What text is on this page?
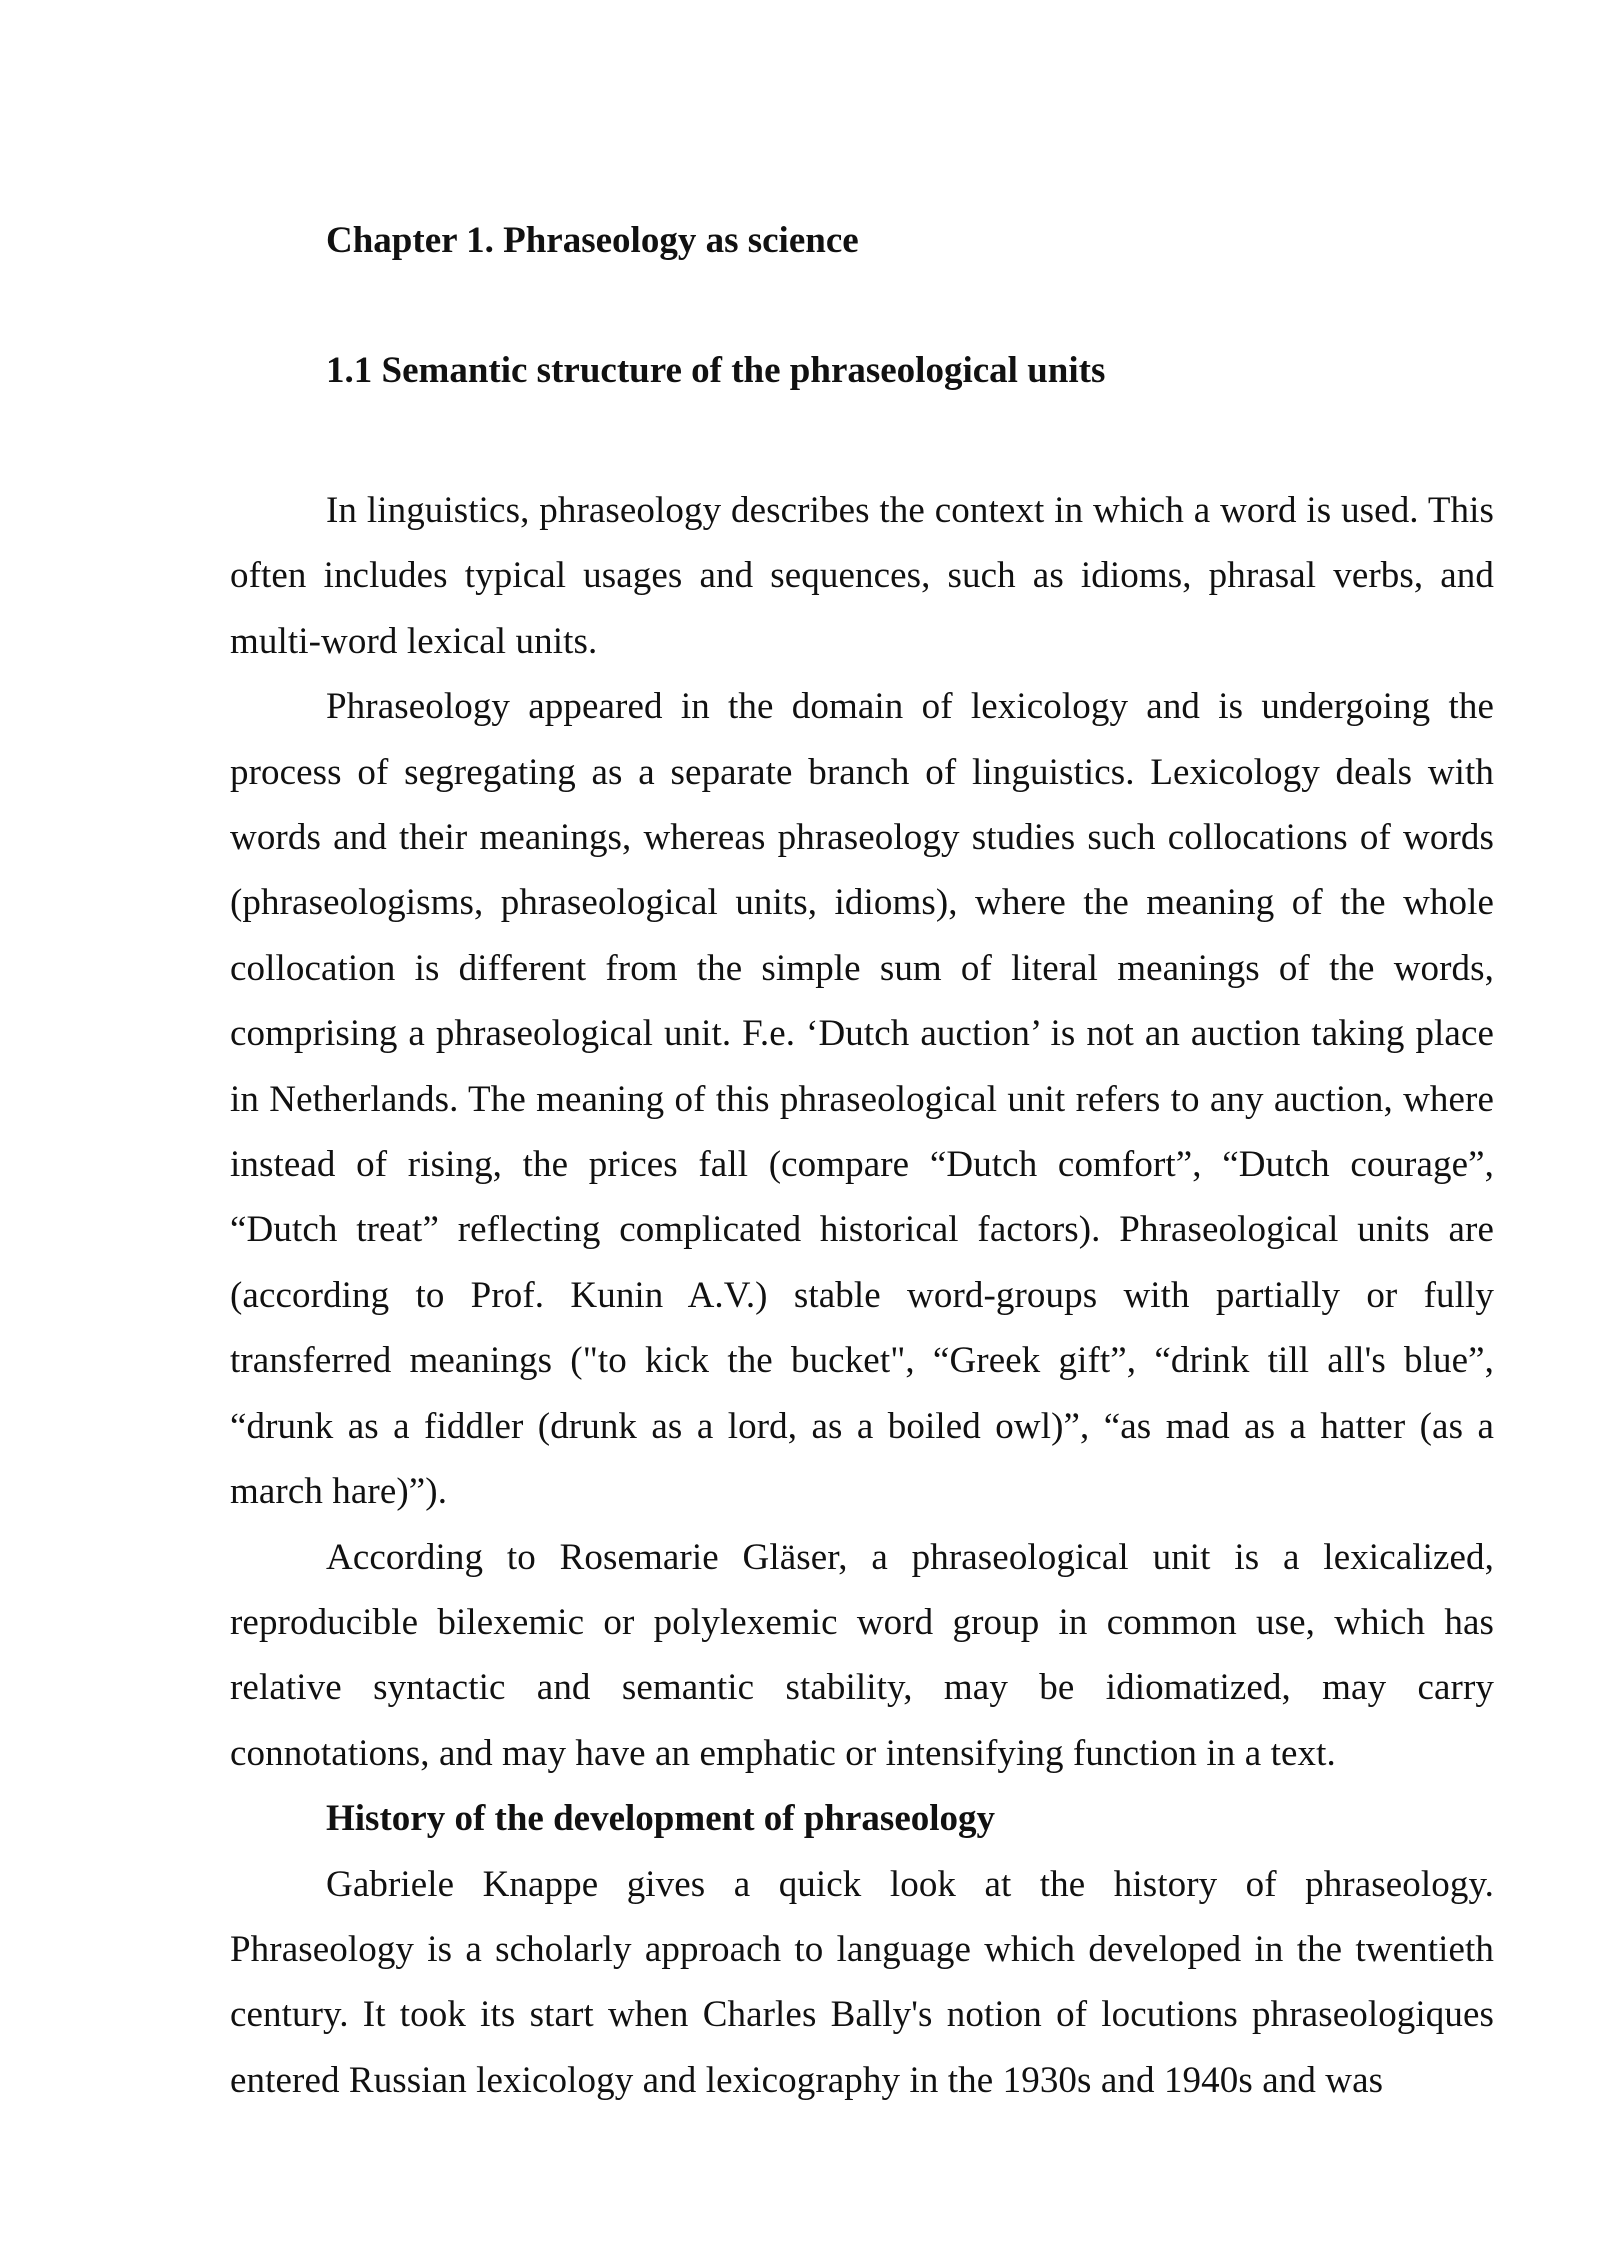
Chapter 1. Phraseology as science
1.1 Semantic structure of the phraseological units

In linguistics, phraseology describes the context in which a word is used. This often includes typical usages and sequences, such as idioms, phrasal verbs, and multi-word lexical units.

Phraseology appeared in the domain of lexicology and is undergoing the process of segregating as a separate branch of linguistics. Lexicology deals with words and their meanings, whereas phraseology studies such collocations of words (phraseologisms, phraseological units, idioms), where the meaning of the whole collocation is different from the simple sum of literal meanings of the words, comprising a phraseological unit. F.e. ‘Dutch auction’ is not an auction taking place in Netherlands. The meaning of this phraseological unit refers to any auction, where instead of rising, the prices fall (compare “Dutch comfort”, “Dutch courage”, “Dutch treat” reflecting complicated historical factors). Phraseological units are (according to Prof. Kunin A.V.) stable word-groups with partially or fully transferred meanings ("to kick the bucket", “Greek gift”, “drink till all's blue”, “drunk as a fiddler (drunk as a lord, as a boiled owl)”, “as mad as a hatter (as a march hare)”).

According to Rosemarie Gläser, a phraseological unit is a lexicalized, reproducible bilexemic or polylexemic word group in common use, which has relative syntactic and semantic stability, may be idiomatized, may carry connotations, and may have an emphatic or intensifying function in a text.

History of the development of phraseology

Gabriele Knappe gives a quick look at the history of phraseology. Phraseology is a scholarly approach to language which developed in the twentieth century. It took its start when Charles Bally's notion of locutions phraseologiques entered Russian lexicology and lexicography in the 1930s and 1940s and was
